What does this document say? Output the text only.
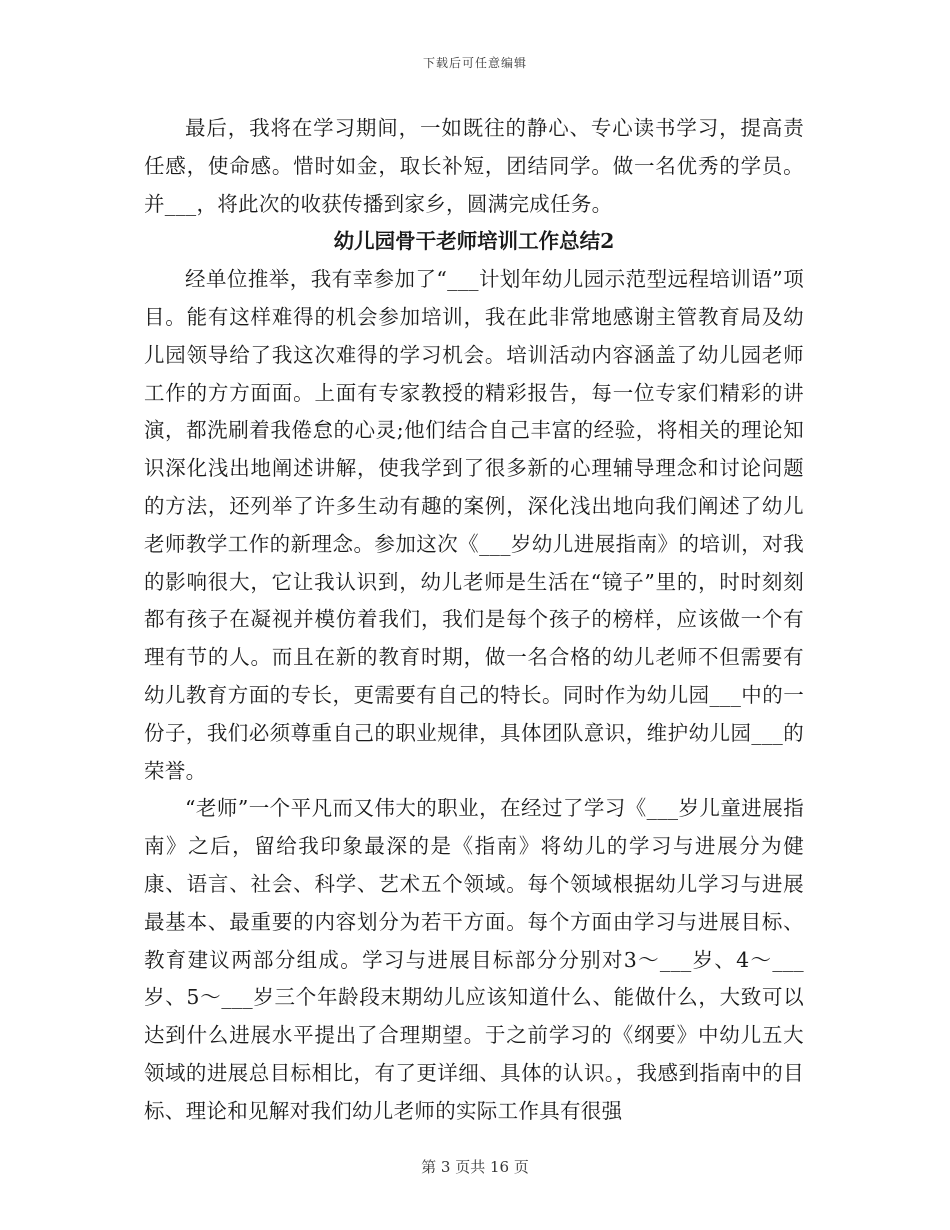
下载后可任意编辑

最后，我将在学习期间，一如既往的静心、专心读书学习，提高责任感，使命感。惜时如金，取长补短，团结同学。做一名优秀的学员。并___，将此次的收获传播到家乡，圆满完成任务。

幼儿园骨干老师培训工作总结2

经单位推举，我有幸参加了“___计划年幼儿园示范型远程培训语”项目。能有这样难得的机会参加培训，我在此非常地感谢主管教育局及幼儿园领导给了我这次难得的学习机会。培训活动内容涵盖了幼儿园老师工作的方方面面。上面有专家教授的精彩报告，每一位专家们精彩的讲演，都洗刷着我倦怠的心灵;他们结合自己丰富的经验，将相关的理论知识深化浅出地阐述讲解，使我学到了很多新的心理辅导理念和讨论问题的方法，还列举了许多生动有趣的案例，深化浅出地向我们阐述了幼儿老师教学工作的新理念。参加这次《___岁幼儿进展指南》的培训，对我的影响很大，它让我认识到，幼儿老师是生活在“镜子”里的，时时刻刻都有孩子在凝视并模仿着我们，我们是每个孩子的榜样，应该做一个有理有节的人。而且在新的教育时期，做一名合格的幼儿老师不但需要有幼儿教育方面的专长，更需要有自己的特长。同时作为幼儿园___中的一份子，我们必须尊重自己的职业规律，具体团队意识，维护幼儿园___的荣誉。

“老师”一个平凡而又伟大的职业，在经过了学习《___岁儿童进展指南》之后，留给我印象最深的是《指南》将幼儿的学习与进展分为健康、语言、社会、科学、艺术五个领域。每个领域根据幼儿学习与进展最基本、最重要的内容划分为若干方面。每个方面由学习与进展目标、教育建议两部分组成。学习与进展目标部分分别对3～___岁、4～___岁、5～___岁三个年龄段末期幼儿应该知道什么、能做什么，大致可以达到什么进展水平提出了合理期望。于之前学习的《纲要》中幼儿五大领域的进展总目标相比，有了更详细、具体的认识。，我感到指南中的目标、理论和见解对我们幼儿老师的实际工作具有很强

第 3 页共 16 页
